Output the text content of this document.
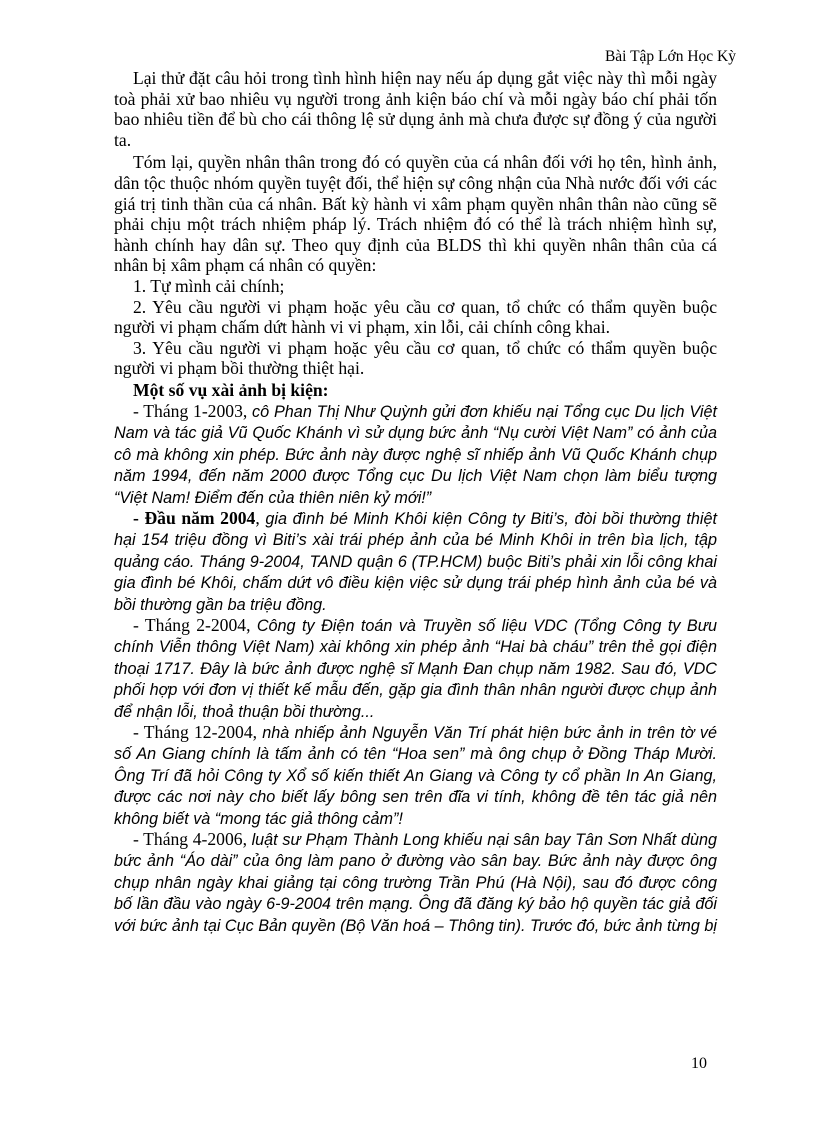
Bài Tập Lớn Học Kỳ

Lại thử đặt câu hỏi trong tình hình hiện nay nếu áp dụng gắt việc này thì mỗi ngày toà phải xử bao nhiêu vụ người trong ảnh kiện báo chí và mỗi ngày báo chí phải tốn bao nhiêu tiền để bù cho cái thông lệ sử dụng ảnh mà chưa được sự đồng ý của người ta.

Tóm lại, quyền nhân thân trong đó có quyền của cá nhân đối với họ tên, hình ảnh, dân tộc thuộc nhóm quyền tuyệt đối, thể hiện sự công nhận của Nhà nước đối với các giá trị tinh thần của cá nhân. Bất kỳ hành vi xâm phạm quyền nhân thân nào cũng sẽ phải chịu một trách nhiệm pháp lý. Trách nhiệm đó có thể là trách nhiệm hình sự, hành chính hay dân sự. Theo quy định của BLDS thì khi quyền nhân thân của cá nhân bị xâm phạm cá nhân có quyền:

1. Tự mình cải chính;

2. Yêu cầu người vi phạm hoặc yêu cầu cơ quan, tổ chức có thẩm quyền buộc người vi phạm chấm dứt hành vi vi phạm, xin lỗi, cải chính công khai.

3. Yêu cầu người vi phạm hoặc yêu cầu cơ quan, tổ chức có thẩm quyền buộc người vi phạm bồi thường thiệt hại.

Một số vụ xài ảnh bị kiện:

- Tháng 1-2003, cô Phan Thị Như Quỳnh gửi đơn khiếu nại Tổng cục Du lịch Việt Nam và tác giả Vũ Quốc Khánh vì sử dụng bức ảnh “Nụ cười Việt Nam” có ảnh của cô mà không xin phép. Bức ảnh này được nghệ sĩ nhiếp ảnh Vũ Quốc Khánh chụp năm 1994, đến năm 2000 được Tổng cục Du lịch Việt Nam chọn làm biểu tượng “Việt Nam! Điểm đến của thiên niên kỷ mới!”

- Đầu năm 2004, gia đình bé Minh Khôi kiện Công ty Biti’s, đòi bồi thường thiệt hại 154 triệu đồng vì Biti’s xài trái phép ảnh của bé Minh Khôi in trên bìa lịch, tập quảng cáo. Tháng 9-2004, TAND quận 6 (TP.HCM) buộc Biti’s phải xin lỗi công khai gia đình bé Khôi, chấm dứt vô điều kiện việc sử dụng trái phép hình ảnh của bé và bồi thường gần ba triệu đồng.

- Tháng 2-2004, Công ty Điện toán và Truyền số liệu VDC (Tổng Công ty Bưu chính Viễn thông Việt Nam) xài không xin phép ảnh “Hai bà cháu” trên thẻ gọi điện thoại 1717. Đây là bức ảnh được nghệ sĩ Mạnh Đan chụp năm 1982. Sau đó, VDC phối hợp với đơn vị thiết kế mẫu đến, gặp gia đình thân nhân người được chụp ảnh để nhận lỗi, thoả thuận bồi thường...

- Tháng 12-2004, nhà nhiếp ảnh Nguyễn Văn Trí phát hiện bức ảnh in trên tờ vé số An Giang chính là tấm ảnh có tên “Hoa sen” mà ông chụp ở Đồng Tháp Mười. Ông Trí đã hỏi Công ty Xổ số kiến thiết An Giang và Công ty cổ phần In An Giang, được các nơi này cho biết lấy bông sen trên đĩa vi tính, không đề tên tác giả nên không biết và “mong tác giả thông cảm”!

- Tháng 4-2006, luật sư Phạm Thành Long khiếu nại sân bay Tân Sơn Nhất dùng bức ảnh “Áo dài” của ông làm pano ở đường vào sân bay. Bức ảnh này được ông chụp nhân ngày khai giảng tại công trường Trần Phú (Hà Nội), sau đó được công bố lần đầu vào ngày 6-9-2004 trên mạng. Ông đã đăng ký bảo hộ quyền tác giả đối với bức ảnh tại Cục Bản quyền (Bộ Văn hoá – Thông tin). Trước đó, bức ảnh từng bị

10
